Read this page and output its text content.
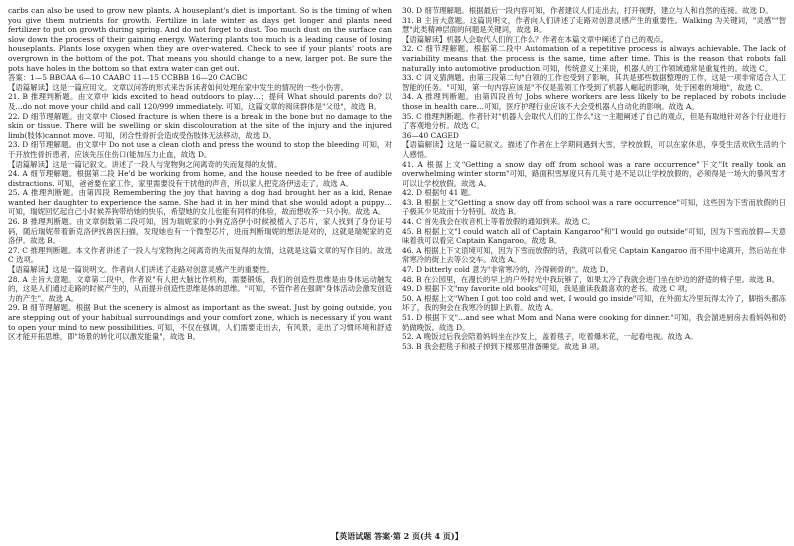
carbs can also be used to grow new plants. A houseplant's diet is important. So is the timing of when you give them nutrients for growth. Fertilize in late winter as days get longer and plants need fertilizer to put on growth during spring. And do not forget to dust. Too much dust on the surface can slow down the process of their gaining energy. Watering plants too much is a leading cause of losing houseplants. Plants lose oxygen when they are over-watered. Check to see if your plants' roots are overgrown in the bottom of the pot. That means you should change to a new, larger pot. Be sure the pots have holes in the bottom so that extra water can get out.

答案：1—5 BBCAA 6—10 CAABC 11—15 CCBBB 16—20 CACBC

【语篇解读】这是一篇应用文。文章以问答的形式来告诉读者如何处理在家中发生的情况的一些小伤害。

21. B 推理判断题。由文章中 kids excited to head outdoors to play…；提问 What should parents do? 以及…do not move your child and call 120/999 immediately. 可知，这篇文章的阅读群体是"父母"，故选 B。

22. D 细节理解题。由文章中 Closed fracture is when there is a break in the bone but no damage to the skin or tissue. There will be swelling or skin discolouration at the site of the injury and the injured limb(肢体)cannot move. 可知，闭合性骨折会造成受伤肢体无法移动，故选 D。

23. D 细节理解题。由文章中 Do not use a clean cloth and press the wound to stop the bleeding 可知，对于开放性骨折患者，应该先压住伤口(能加压力止血，故选 D。

【语篇解读】这是一篇记叙文。讲述了一段人与宠物狗之间离奇的失而复得的友情。

24. A 细节理解题。根据第二段 He'd be working from home, and the house needed to be free of audible distractions. 可知，爸爸要在家工作，家里需要没有干扰他的声音，所以家人把克洛伊送走了。故选 A。

25. A 推理判断题。由第四段 Remembering the joy that having a dog had brought her as a kid, Renae wanted her daughter to experience the same. She had it in her mind that she would adopt a puppy…可知，瑞妮回忆起自己小时候养狗带给她的快乐，希望她的女儿也能有同样的体验，故而想收养一只小狗。故选 A。

26. B 推理判断题。由文章倒数第二段可知，因为瑞妮家的小狗克洛伊小时候被植入了芯片，家人找到了身份证号码，随后瑞妮带着新克洛伊找兽医扫描，发现她也有一个微型芯片，进而判断瑞妮的想法是对的，这就是瑞妮家的克洛伊。故选 B。

27. C 推理判断题。本文作者讲述了一段人与宠物狗之间离奇的失而复得的友情，这就是这篇文章的写作目的。故选 C 选项。

【语篇解读】这是一篇说明文。作者向人们讲述了走路对创意灵感产生的重要性。

28. A 主旨大意题。文章第二段中，作者说"有人把大脑比作机构，需要锻炼，我们的创造性思维是由身体运动触发的，这是人们通过走路的时候产生的，从而提升创造性思维是体的思维。"可知，不管作者在强调"身体活动会激发创造力的产生"。故选 A。

29. B 细节理解题。根据 But the scenery is almost as important as the sweat. Just by going outside, you are stepping out of your habitual surroundings and your comfort zone, which is necessary if you want to open your mind to new possibilities. 可知，不仅在强调，人们需要走出去，有风景，走出了习惯环境和舒适区才能开拓思维，即"场景的转化可以激发能量"，故选 B。

30. D 细节理解题。根据最后一段内容可知，作者建议人们走出去，打开视野，建立与人和自然的连接。故选 D。

31. B 主旨大意题。这篇说明文，作者向人们讲述了走路对创意灵感产生的重要性。Walking 为关键词，"灵感""智慧"此类精神层面的问题是关键词，故选 B。

【语篇解读】机器人会取代人们的工作么？作者在本篇文章中阐述了自己的观点。

32. C 细节理解题。根据第二段中 Automation of a repetitive process is always achievable. The lack of variability means that the process is the same, time after time. This is the reason that robots fall naturally into automotive production 可知，传统意义上来说，机器人的工作领域通常是重复性的。故选 C。

33. C 词义猜测题。由第三段第二句"白领的工作也受到了影响，其共是那些数据整理的工作，这是一项非常适合人工智能的任务。"可知，第一句内容应该是"不仅是蓝领工作受到了机器人崛起的影响，处于困难的境地"，故选 C。

34. A 推理判断题。由第四段首句 Jobs where workers are less likely to be replaced by robots include those in health care…可知，医疗护理行业应该不大会受机器人自动化的影响。故选 A。

35. C 推理判断题。作者针对"机器人会取代人们的工作么"这一主题阐述了自己的观点，但是有取地针对各个行业进行了客观地分析。故选 C。

36—40 CAGED

【语篇解读】这是一篇记叙文。描述了作者在上学期间遇到大雪，学校放假，可以在家休息，享受生活欢欣生活的个人感悟。

41. A 根据上文"Getting a snow day off from school was a rare occurrence"下文"It really took an overwhelming winter storm"可知，路面积雪厚度只有几英寸是不足以让学校放假的，必须得是一场大的暴风雪才可以让学校放假。故选 A。

42. D 根据句 41 题。

43. B 根据上文"Getting a snow day off from school was a rare occurrence"可知，这些因为下雪而放假的日子极其少见故而十分特别。故选 B。

44. C 首先我会在收音机上等着放假的通知到来。故选 C。

45. B 根据上文"I could watch all of Captain Kangaroo"和"I would go outside"可知，因为下雪而放假—天意味着我可以看完 Captain Kangaroo。故选 B。

46. A 根据上下文语境可知，因为下雪而放假的话，我就可以看完 Captain Kangaroo 而不用中途离开，然后站在非常寒冷的街上去等公交车。故选 A。

47. D bitterly cold 意为"非常寒冷的，冷得刺骨的"。故选 D。

48. B 在公园里，在漫长的早上的户外时光中我玩够了，如果太冷了我就会进门坐在炉边的舒适的椅子里。故选 B。

49. D 根据下文"my favorite old books"可知，我是重读我最喜欢的老书。故选 C 项。

50. A 根据上文"When I got too cold and wet, I would go inside"可知，在外面太冷里玩得太冷了，脚指头都冻坏了，我的狗会在我寒冷的脚上趴着。故选 A。

51. D 根据下文"…and see what Mom and Nana were cooking for dinner."可知，我会溜进厨房去看妈妈和奶奶做晚饭。故选 D。

52. A 晚饭过后我会陪着妈妈坐在沙发上，盖着毯子，吃着爆米花，一起看电视。故选 A。

53. B 我会把毯子和被子掉到下楼那里准备睡觉。故选 B 项。

【英语试题 答案·第 2 页(共 4 页)】
